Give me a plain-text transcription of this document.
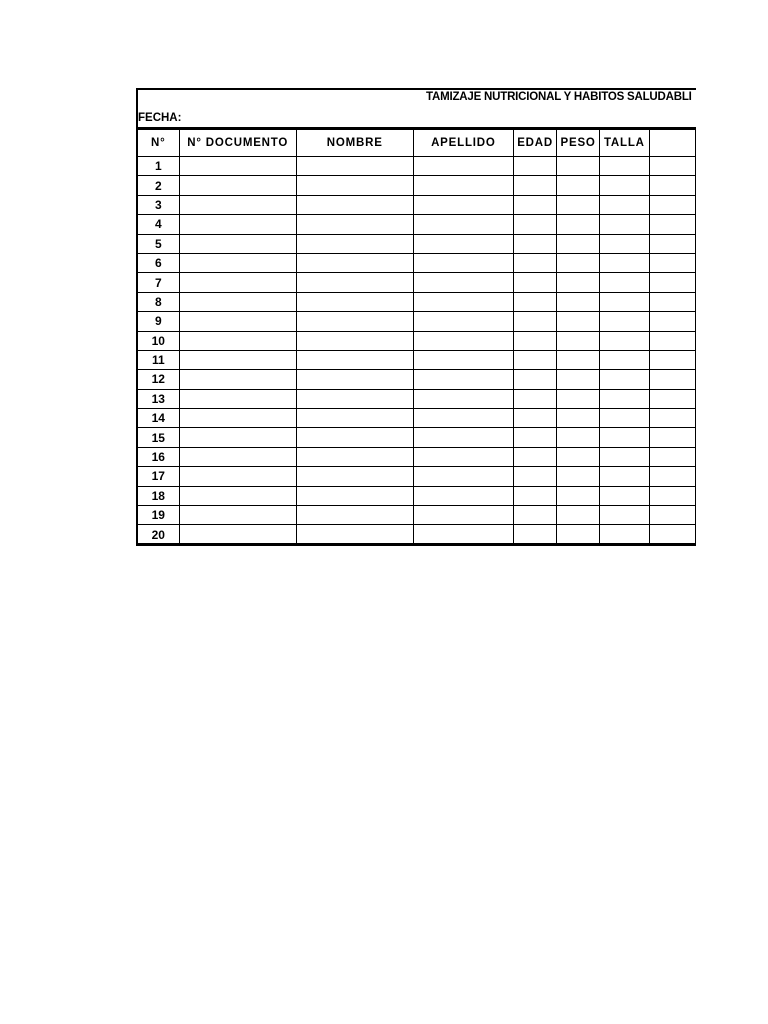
TAMIZAJE NUTRICIONAL Y HABITOS SALUDABLI
FECHA:
N°	N° DOCUMENTO	NOMBRE	APELLIDO	EDAD	PESO	TALLA	
1							
2							
3							
4							
5							
6							
7							
8							
9							
10							
11							
12							
13							
14							
15							
16							
17							
18							
19							
20							
